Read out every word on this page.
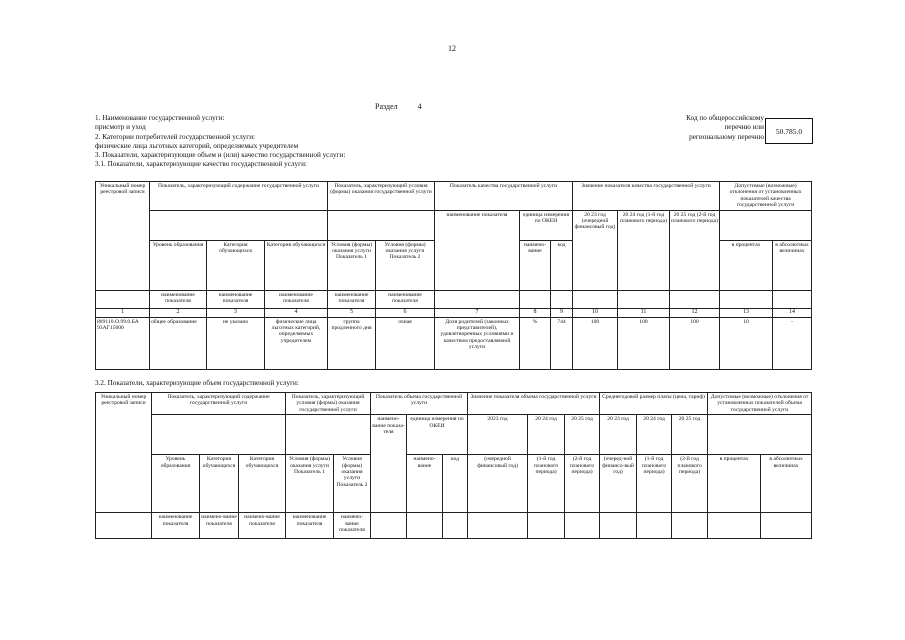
12
Раздел	4
1. Наименование государственной услуги:
присмотр и уход
2. Категории потребителей государственной услуги:
физические лица льготных категорий, определяемых учредителем
3. Показатели, характеризующие объем и (или) качество государственной услуги:
3.1. Показатели, характеризующие качество государственной услуги:
Код по общероссийскому
перечню или
региональному перечню
50.785.0
Уникальный номер реестровой записи	Показатель, характеризующий содержание государственной услуги			Показатель, характеризующий условия (формы) оказания государственной услуги		Показатель качества государственной услуги			Значение показателя качества государственной услуги			Допустимые (возможные) отклонения от установленных показателей качества государственной услуги	
						наименование показателя	единица измерения по ОКЕИ		20 23 год (очередной финансовый год)	20 24 год (1-й год планового периода)	20 25 год (2-й год планового периода)		
	Уровень образования	Категория обучающихся	Категория обучающихся	Условия (формы) оказания услуги Показатель 1	Условия (формы) оказания услуги Показатель 2		наимено-вание	код				в процентах	в абсолютных величинах
	наименование показателя	наименование показателя	наименование показателя	наименование показателя	наименование показателя								
1	2	3	4	5	6	7	8	9	10	11	12	13	14
889110.О.99.0.БА 93АГ15000	общее образование	не указано	физические лица льготных категорий, определяемых учредителем	группа продленного дня	очная	Доля родителей (законных представителей), удовлетворенных условиями и качеством предоставляемой услуги	%	744	100	100	100	10	-
3.2. Показатели, характеризующие объем государственной услуги:
Уникальный номер реестровой записи	Показатель, характеризующий содержание государственной услуги			Показатель, характеризующий условия (формы) оказания государственной услуги		Показатель объема государственной услуги			Значение показателя объема государственной услуги			Среднегодовой размер платы (цена, тариф)			Допустимые (возможные) отклонения от установленных показателей объема государственной услуги	
						наимено-вание показа-теля	единица измерения по ОКЕИ		2023 год	20 24 год	20 25 год	20 23 год	20 24 год	20 25 год		

	Уровень образования	Категория обучающихся	Категория обучающихся	Условия (формы) оказания услуги Показатель 1	Условия (формы) оказания услуги Показатель 2		наимено-вание	код	(очередной финансовый год)	(1-й год планового периода)	(2-й год планового периода)	(очеред-ной финансо-вый год)	(1-й год планового периода)	(2-й год планового периода)	в процентах	в абсолютных величинах
	наименование показателя	наимено-вание показателя	наимено-вание показателя	наименование показателя	наимено-вание показателя											
